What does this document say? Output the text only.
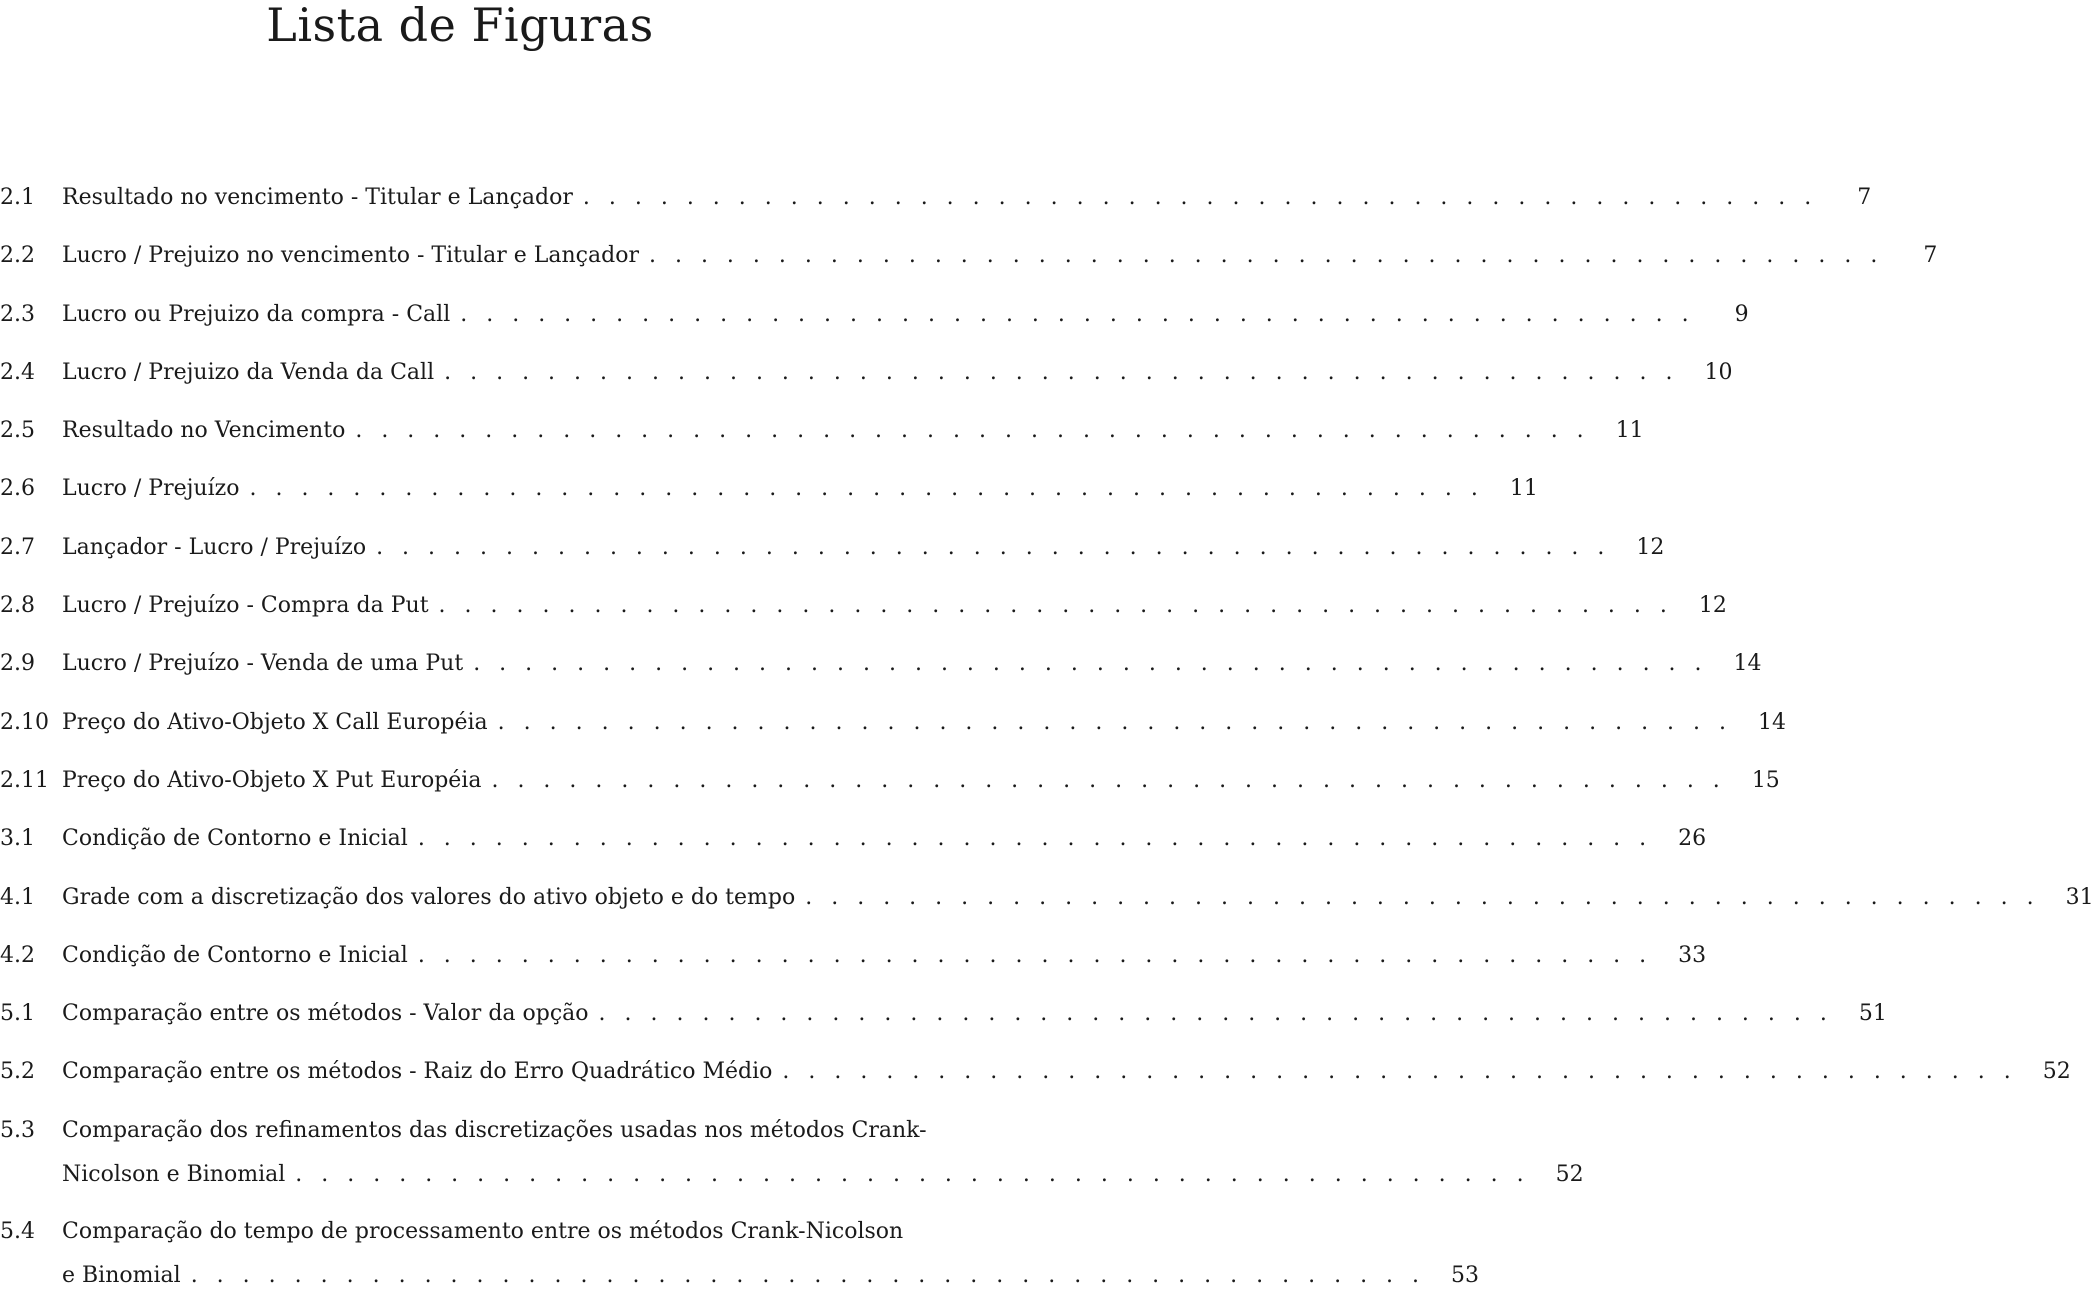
Lista de Figuras
2.1	Resultado no vencimento - Titular e Lançador . . . . . . . . . . . . . . . . . . . . . . . . . . . . . . . . . . . . . . . . . . . . . . . .	7
2.2	Lucro / Prejuizo no vencimento - Titular e Lançador . . . . . . . . . . . . . . . . . . . . . . . . . . . . . . . . . . . . . . . . . . . . . . . .	7
2.3	Lucro ou Prejuizo da compra - Call . . . . . . . . . . . . . . . . . . . . . . . . . . . . . . . . . . . . . . . . . . . . . . . .	9
2.4	Lucro / Prejuizo da Venda da Call . . . . . . . . . . . . . . . . . . . . . . . . . . . . . . . . . . . . . . . . . . . . . . . .	10
2.5	Resultado no Vencimento . . . . . . . . . . . . . . . . . . . . . . . . . . . . . . . . . . . . . . . . . . . . . . . .	11
2.6	Lucro / Prejuízo . . . . . . . . . . . . . . . . . . . . . . . . . . . . . . . . . . . . . . . . . . . . . . . .	11
2.7	Lançador - Lucro / Prejuízo . . . . . . . . . . . . . . . . . . . . . . . . . . . . . . . . . . . . . . . . . . . . . . . .	12
2.8	Lucro / Prejuízo - Compra da Put . . . . . . . . . . . . . . . . . . . . . . . . . . . . . . . . . . . . . . . . . . . . . . . .	12
2.9	Lucro / Prejuízo - Venda de uma Put . . . . . . . . . . . . . . . . . . . . . . . . . . . . . . . . . . . . . . . . . . . . . . . .	14
2.10 Preço do Ativo-Objeto X Call Européia . . . . . . . . . . . . . . . . . . . . . . . . . . . . . . . . . . . . . . . . . . . . . . . .	14
2.11 Preço do Ativo-Objeto X Put Européia . . . . . . . . . . . . . . . . . . . . . . . . . . . . . . . . . . . . . . . . . . . . . . . .	15
3.1	Condição de Contorno e Inicial . . . . . . . . . . . . . . . . . . . . . . . . . . . . . . . . . . . . . . . . . . . . . . . .	26
4.1	Grade com a discretização dos valores do ativo objeto e do tempo . . . . . . . . . . . . . . . . . . . . . . . . . . . . . . . . . . . . . . . . . . . . . . . .	31
4.2	Condição de Contorno e Inicial . . . . . . . . . . . . . . . . . . . . . . . . . . . . . . . . . . . . . . . . . . . . . . . .	33
5.1	Comparação entre os métodos - Valor da opção . . . . . . . . . . . . . . . . . . . . . . . . . . . . . . . . . . . . . . . . . . . . . . . .	51
5.2	Comparação entre os métodos - Raiz do Erro Quadrático Médio . . . . . . . . . . . . . . . . . . . . . . . . . . . . . . . . . . . . . . . . . . . . . . . .	52
5.3	Comparação dos refinamentos das discretizações usadas nos métodos Crank-
Nicolson e Binomial . . . . . . . . . . . . . . . . . . . . . . . . . . . . . . . . . . . . . . . . . . . . . . . .	52
5.4	Comparação do tempo de processamento entre os métodos Crank-Nicolson
e Binomial . . . . . . . . . . . . . . . . . . . . . . . . . . . . . . . . . . . . . . . . . . . . . . . .	53
